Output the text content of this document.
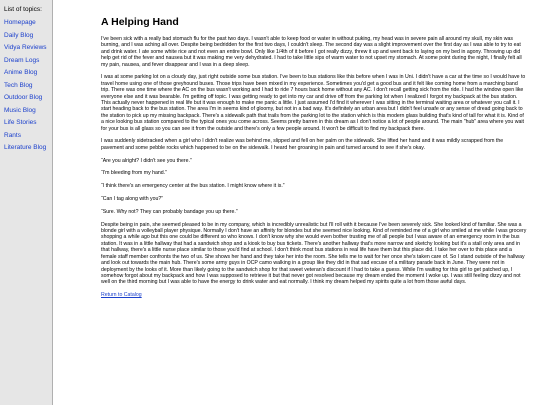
List of topics:
Homepage
Daily Blog
Vidya Reviews
Dream Logs
Anime Blog
Tech Blog
Outdoor Blog
Music Blog
Life Stories
Rants
Literature Blog
A Helping Hand

I've been sick with a really bad stomach flu for the past two days. I wasn't able to keep food or water in without puking, my head was in severe pain all around my skull, my skin was burning, and I was aching all over. Despite being bedridden for the first two days, I couldn't sleep. The second day was a slight improvement over the first day as I was able to try to eat and drink water. I ate some white rice and not even an entire bowl. Only like 1/4th of it before I got really dizzy, threw it up and went back to laying on my bed in agony. Throwing up did help get rid of the fever and nausea but it was making me very dehydrated. I had to take little sips of warm water to not upset my stomach. At some point during the night, I finally felt all my pain, nausea, and fever disappear and I was in a deep sleep.

I was at some parking lot on a cloudy day, just right outside some bus station. I've been to bus stations like this before when I was in Uni. I didn't have a car at the time so I would have to travel home using one of those greyhound buses. Those trips have been mixed in my experience. Sometimes you'd get a good bus and it felt like coming home from a marching band trip. There was one time where the AC on the bus wasn't working and I had to ride 7 hours back home without any AC. I don't recall getting sick from the ride. I had the window open like everyone else and it was bearable. I'm getting off topic. I was getting ready to get into my car and drive off from the parking lot when I realized I forgot my backpack at the bus station. This actually never happened in real life but it was enough to make me panic a little. I just assumed I'd find it wherever I was sitting in the terminal waiting area or whatever you call it. I start heading back to the bus station. The area I'm in seems kind of gloomy, but not in a bad way. It's definitely an urban area but I didn't feel unsafe or any sense of dread going back to the station to pick up my missing backpack. There's a sidewalk path that trails from the parking lot to the station which is this modern glass building that's kind of tall for what it is. Kind of a nice looking bus station compared to the typical ones you come across. Seems pretty barren in this dream as I don't notice a lot of people around. The main "hub" area where you wait for your bus is all glass so you can see it from the outside and there's only a few people around. It won't be difficult to find my backpack there.

I was suddenly sidetracked when a girl who I didn't realize was behind me, slipped and fell on her palm on the sidewalk. She lifted her hand and it was mildly scrapped from the pavement and some pebble rocks which happened to be on the sidewalk. I heard her groaning in pain and turned around to see if she's okay.

“Are you alright? I didn't see you there.”

“I'm bleeding from my hand.”

“I think there's an emergency center at the bus station. I might know where it is.”

“Can I tag along with you?”

“Sure. Why not? They can probably bandage you up there.”

Despite being in pain, she seemed pleased to be in my company, which is incredibly unrealistic but I'll roll with it because I've been severely sick. She looked kind of familiar. She was a blonde girl with a volleyball player physique. Normally I don't have an affinity for blondes but she seemed nice looking. Kind of reminded me of a girl who smiled at me while I was grocery shopping a while ago but this one could be different so who knows. I don't know why she would even bother trusting me of all people but I was aware of an emergency room in the bus station. It was in a little hallway that had a sandwich shop and a kiosk to buy bus tickets. There's another hallway that's more narrow and sketchy looking but it's a stall only area and in that hallway, there's a little nurse place similar to those you'd find at school. I don't think most bus stations in real life have them but this place did. I take her over to this place and a female staff member confronts the two of us. She shows her hand and they take her into the room. She tells me to wait for her once she's taken care of. So I stand outside of the hallway and look out towards the main hub. There's some army guys in OCP camo walking in a group like they did in that sad excuse of a military parade back in June. They were not in deployment by the looks of it. More than likely going to the sandwich shop for that sweet veteran's discount if I had to take a guess. While I'm waiting for this girl to get patched up, I somehow forgot about my backpack and how I was supposed to retrieve it but that never got resolved because my dream ended the moment I woke up. I was still feeling dizzy and not well on the third morning but I was able to have the energy to drink water and eat normally. I think my dream helped my spirits quite a lot from those awful days.

Return to Catalog
